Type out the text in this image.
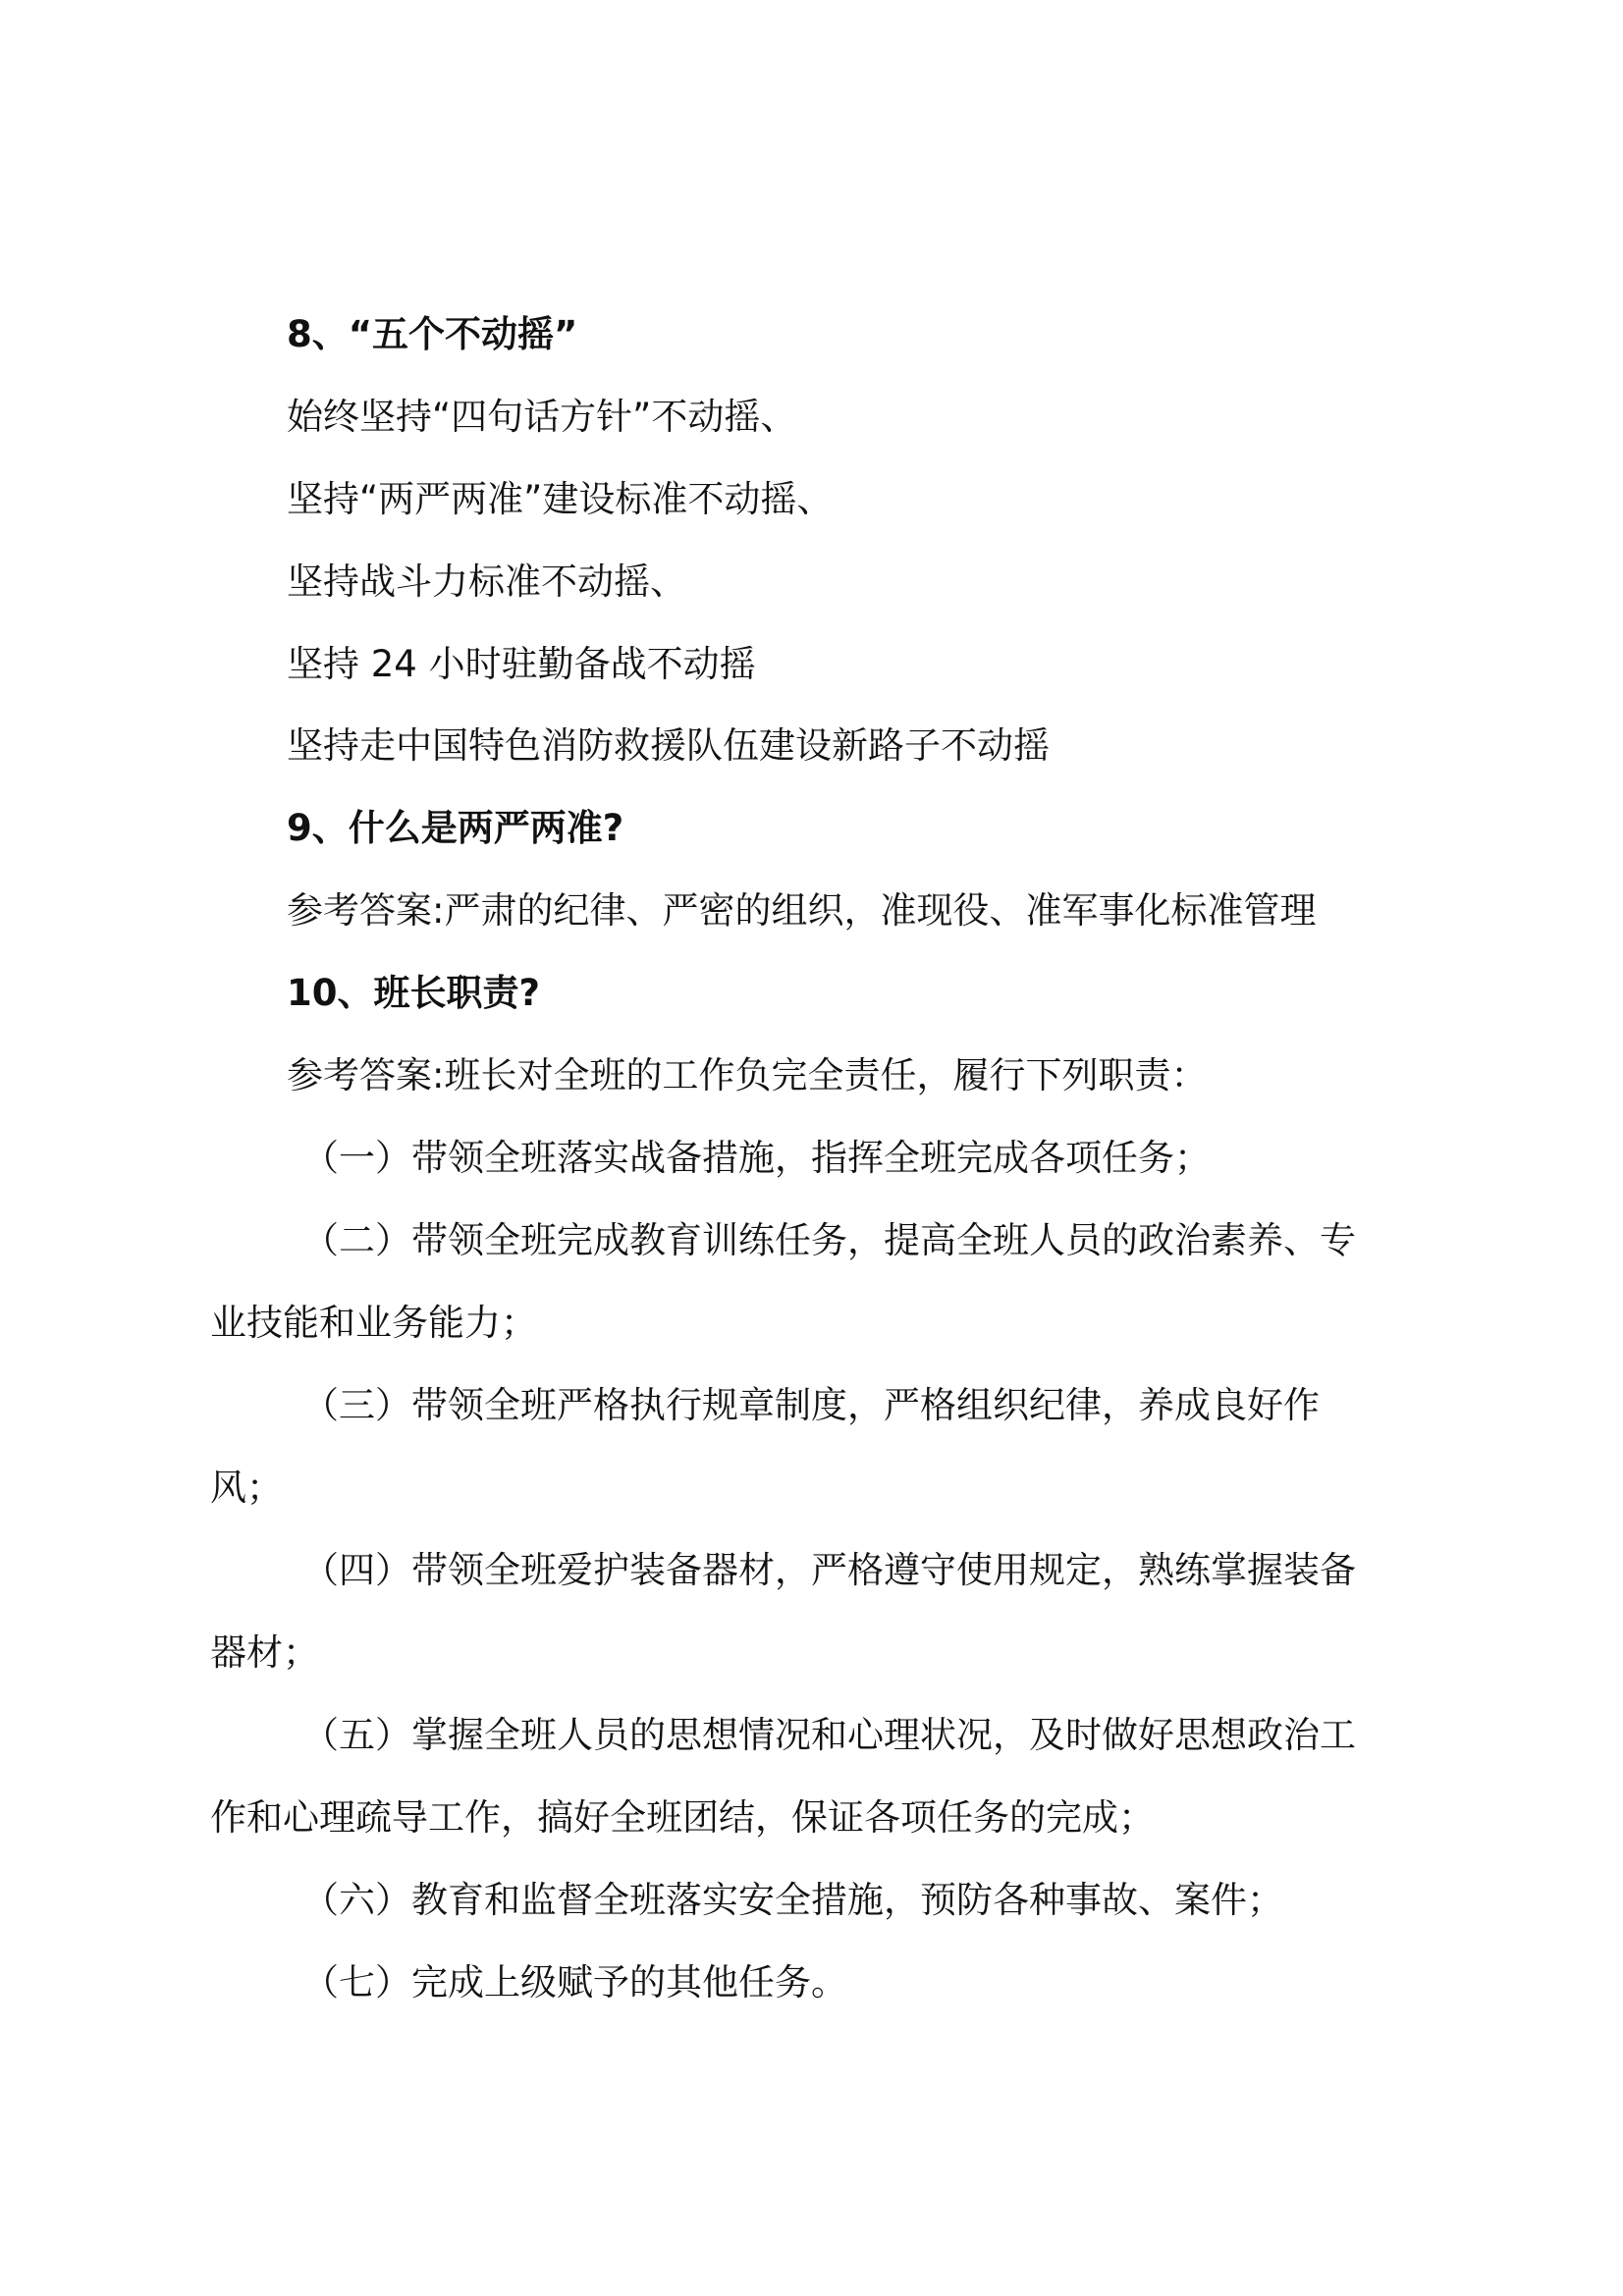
8、“五个不动摇”
始终坚持“四句话方针”不动摇、
坚持“两严两准”建设标准不动摇、
坚持战斗力标准不动摇、
坚持 24 小时驻勤备战不动摇
坚持走中国特色消防救援队伍建设新路子不动摇
9、什么是两严两准?
参考答案:严肃的纪律、严密的组织，准现役、准军事化标准管理
10、班长职责?
参考答案:班长对全班的工作负完全责任，履行下列职责：
（一）带领全班落实战备措施，指挥全班完成各项任务；
（二）带领全班完成教育训练任务，提高全班人员的政治素养、专
业技能和业务能力；
（三）带领全班严格执行规章制度，严格组织纪律，养成良好作
风；
（四）带领全班爱护装备器材，严格遵守使用规定，熟练掌握装备
器材；
（五）掌握全班人员的思想情况和心理状况，及时做好思想政治工
作和心理疏导工作，搞好全班团结，保证各项任务的完成；
（六）教育和监督全班落实安全措施，预防各种事故、案件；
（七）完成上级赋予的其他任务。
